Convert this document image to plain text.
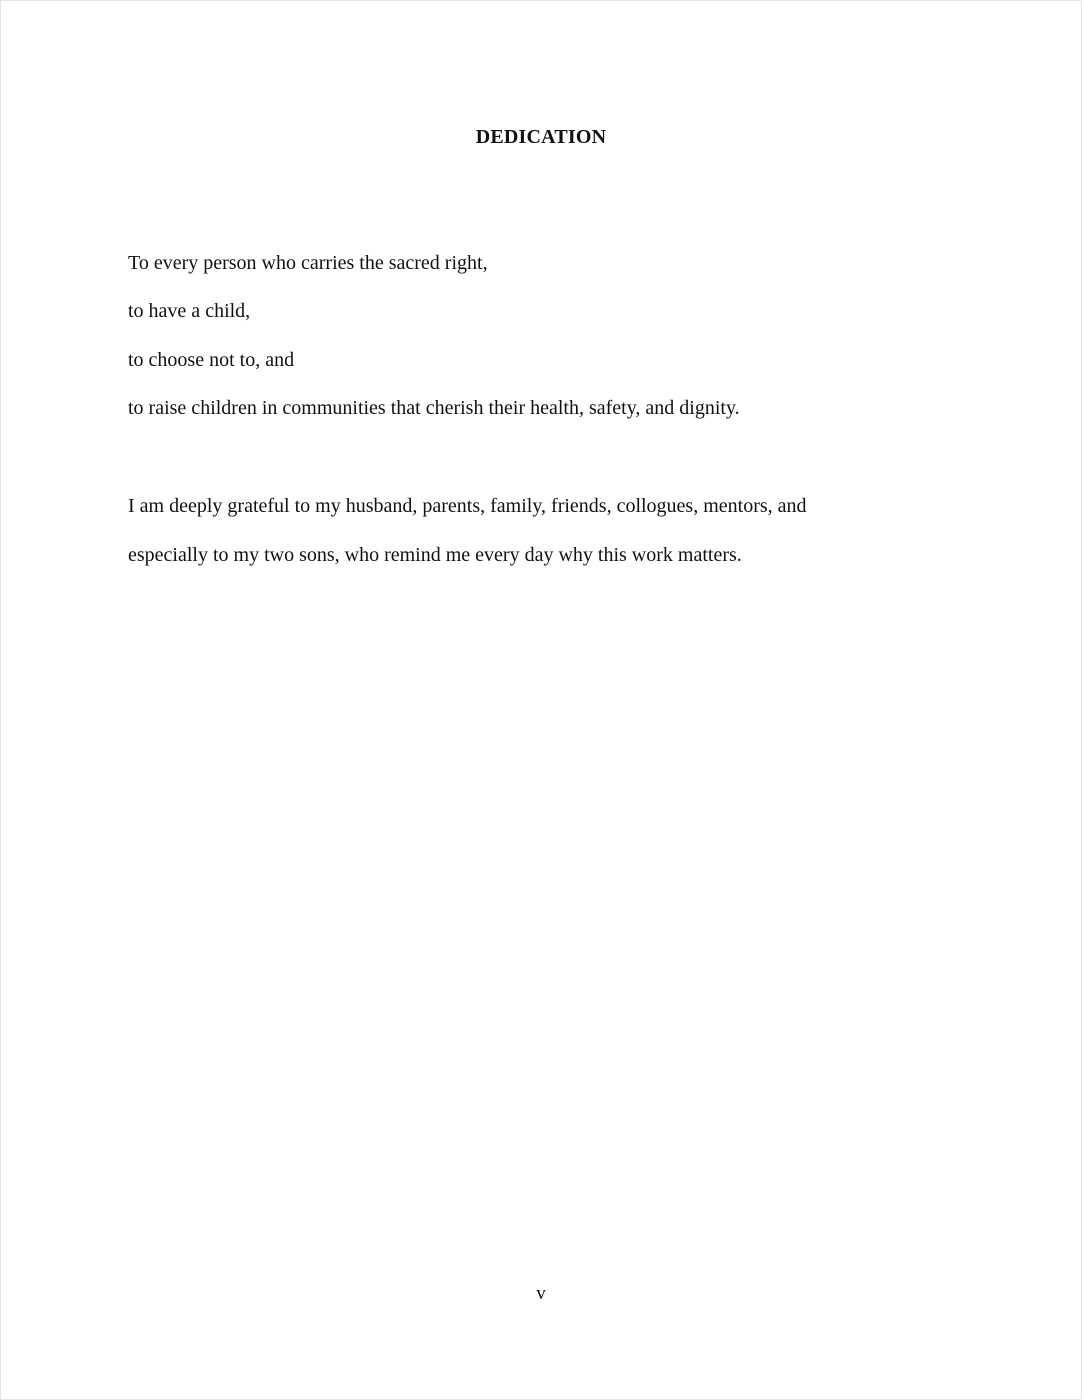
DEDICATION
To every person who carries the sacred right,
to have a child,
to choose not to, and
to raise children in communities that cherish their health, safety, and dignity.
I am deeply grateful to my husband, parents, family, friends, collogues, mentors, and
especially to my two sons, who remind me every day why this work matters.
v
